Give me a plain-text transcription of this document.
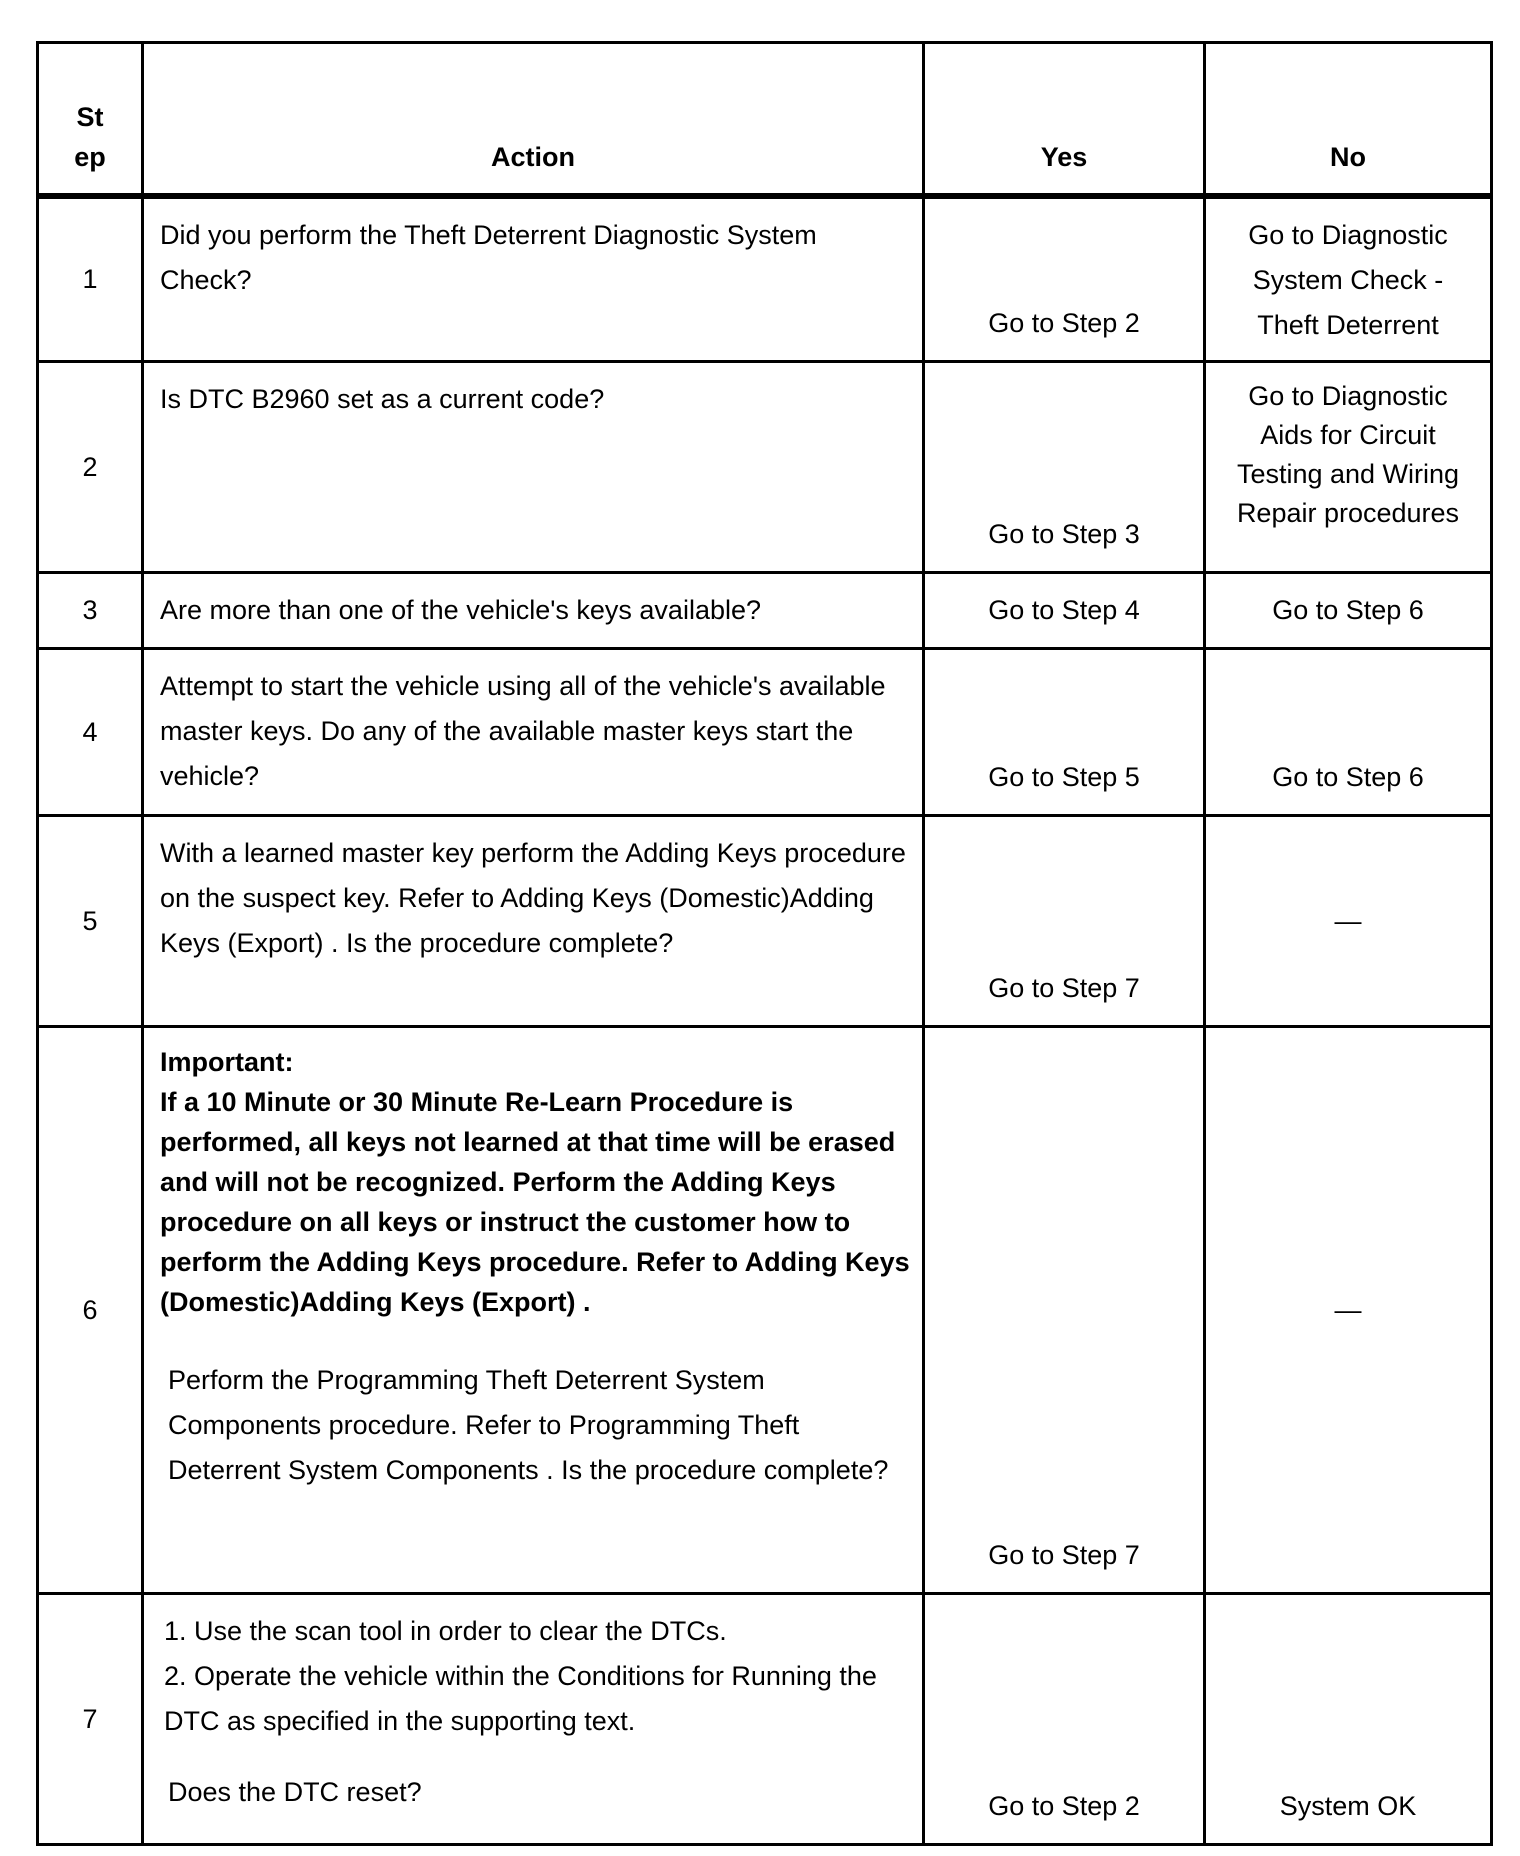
St ep	Action	Yes	No
1	Did you perform the Theft Deterrent Diagnostic System Check?	Go to Step 2	Go to Diagnostic
System Check -
Theft Deterrent

2	Is DTC B2960 set as a current code?	Go to Step 3	Go to Diagnostic
Aids for Circuit
Testing and Wiring
Repair procedures

3	Are more than one of the vehicle's keys available?	Go to Step 4	Go to Step 6
4	Attempt to start the vehicle using all of the vehicle's available master keys. Do any of the available master keys start the vehicle?	Go to Step 5	Go to Step 6
5	With a learned master key perform the Adding Keys procedure on the suspect key. Refer to Adding Keys (Domestic)Adding Keys (Export) . Is the procedure complete?	Go to Step 7	—
6	Important:
If a 10 Minute or 30 Minute Re-Learn Procedure is performed, all keys not learned at that time will be erased and will not be recognized. Perform the Adding Keys procedure on all keys or instruct the customer how to perform the Adding Keys procedure. Refer to Adding Keys (Domestic)Adding Keys (Export) .
Perform the Programming Theft Deterrent System Components procedure. Refer to Programming Theft Deterrent System Components . Is the procedure complete?	Go to Step 7	—
7	1. Use the scan tool in order to clear the DTCs.
2. Operate the vehicle within the Conditions for Running the DTC as specified in the supporting text.
Does the DTC reset?	Go to Step 2	System OK
